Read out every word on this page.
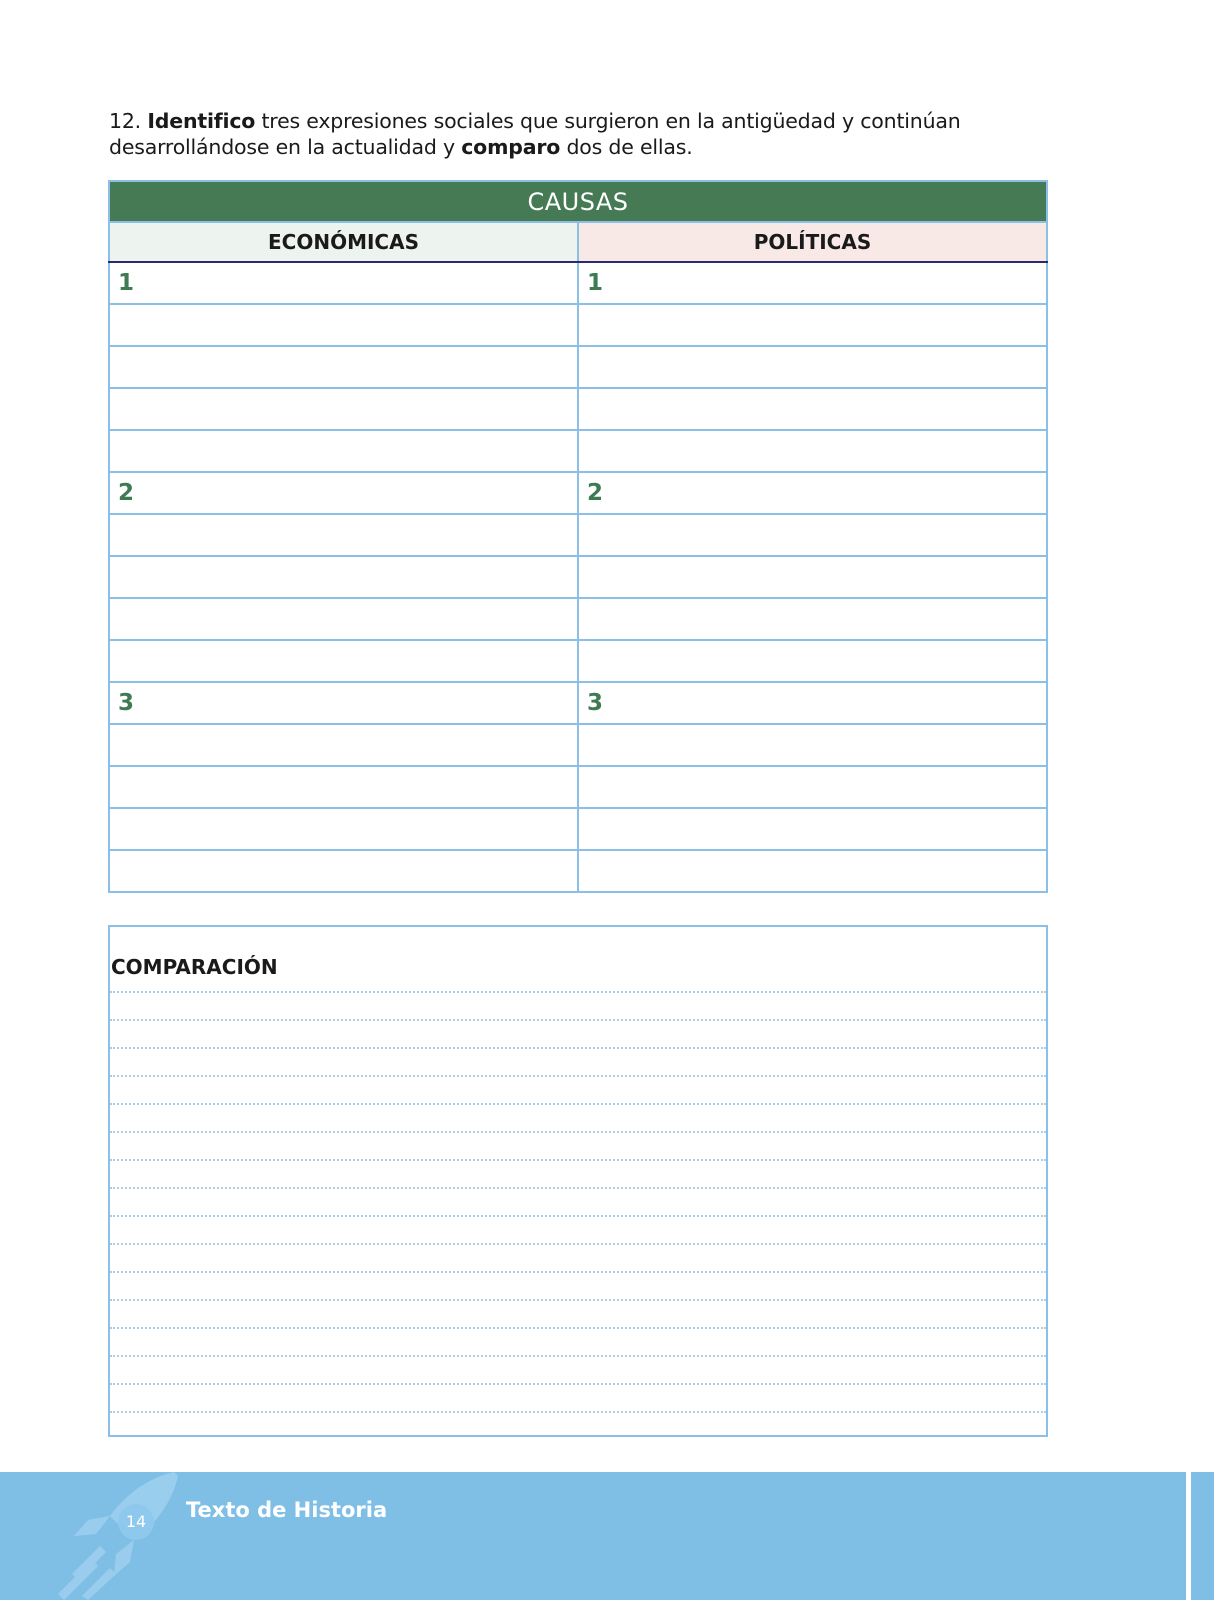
12. Identifico tres expresiones sociales que surgieron en la antigüedad y continúan desarrollándose en la actualidad y comparo dos de ellas.
CAUSAS	
ECONÓMICAS	POLÍTICAS
1	1

2	2

3	3

COMPARACIÓN
14	Texto de Historia
